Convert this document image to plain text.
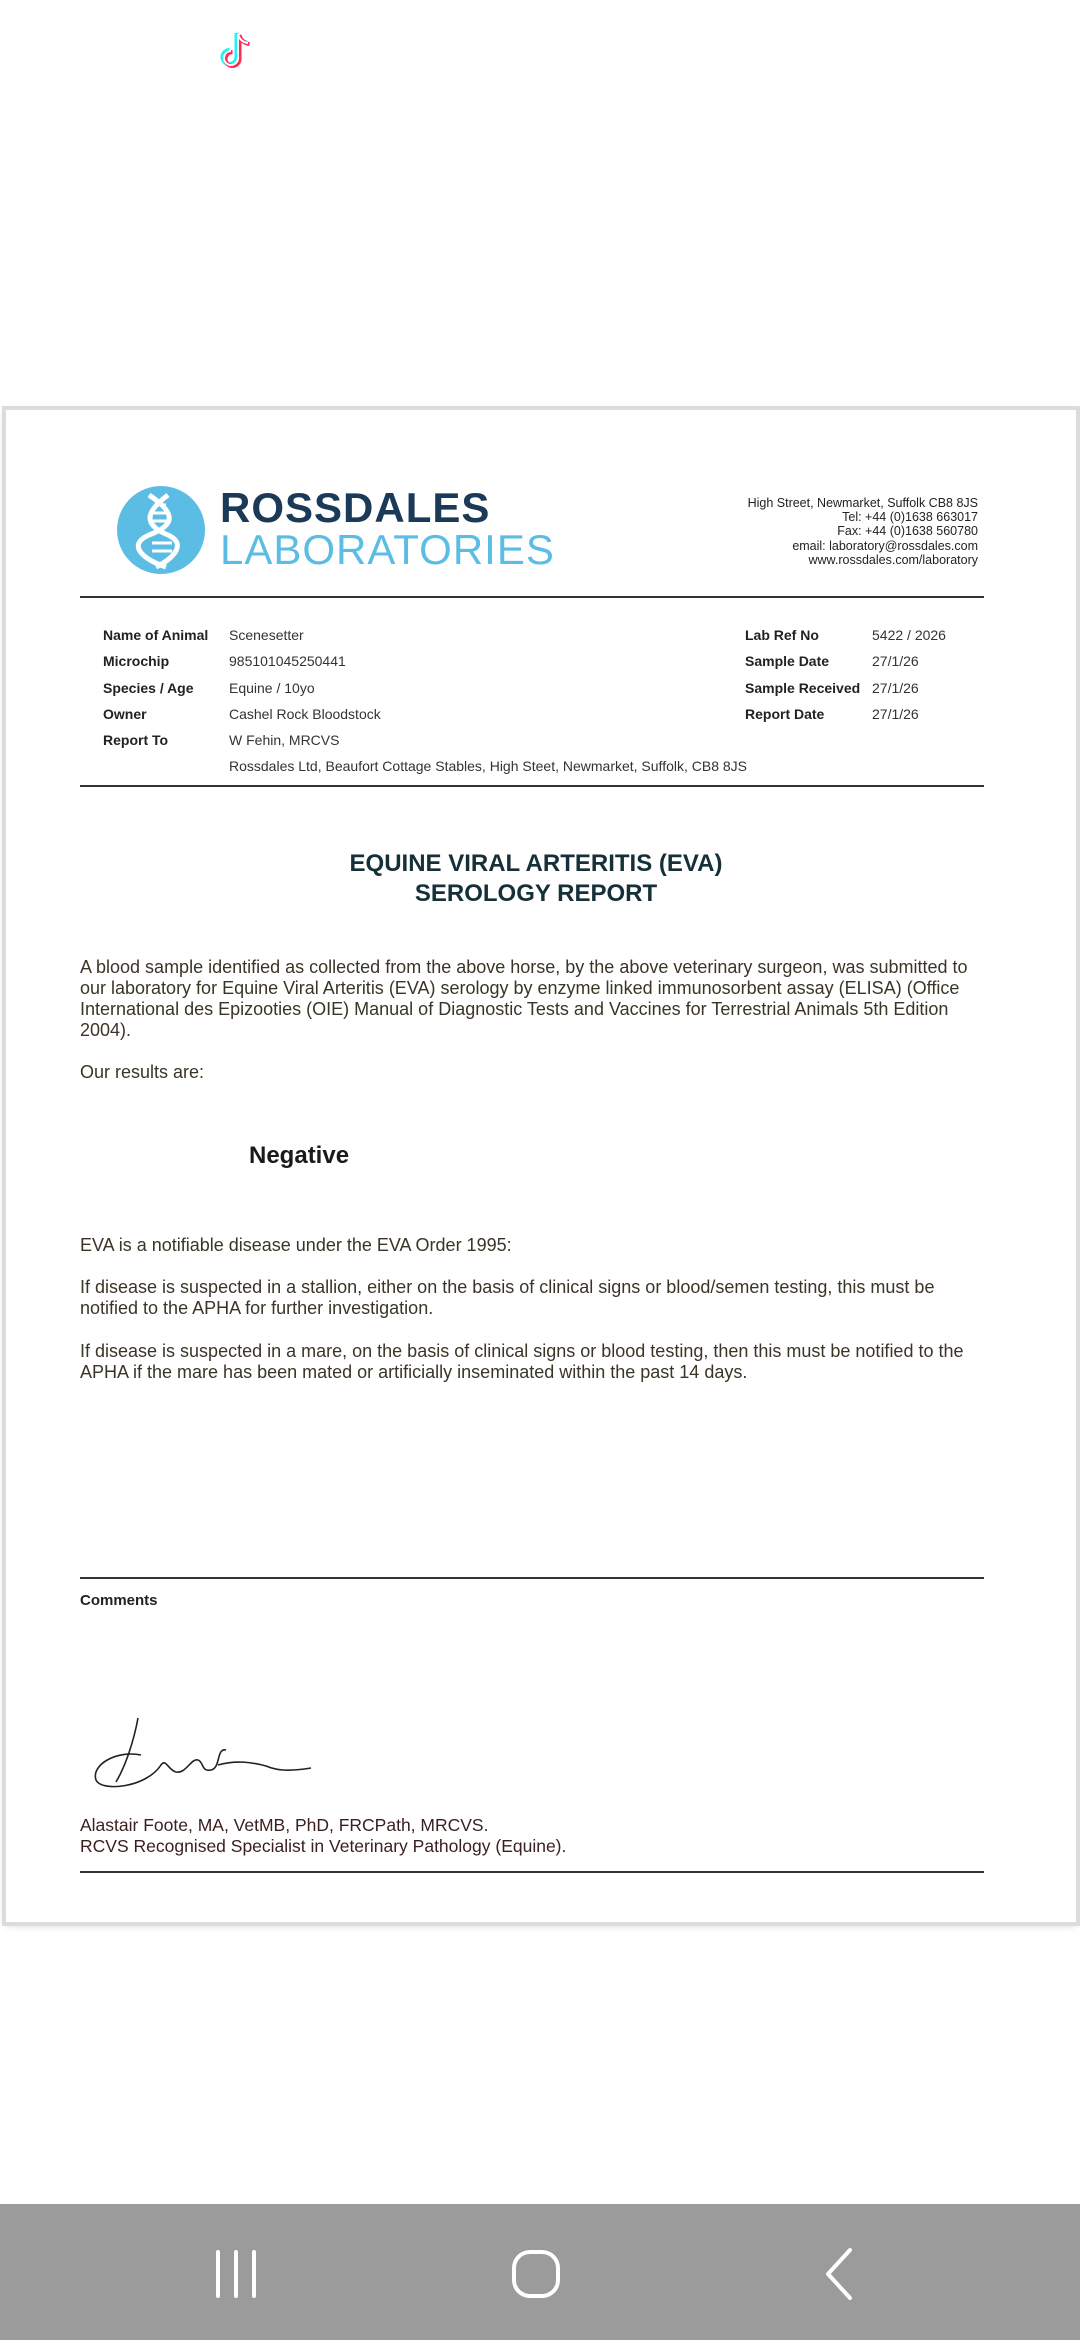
ROSSDALES
LABORATORIES
High Street, Newmarket, Suffolk CB8 8JS
Tel: +44 (0)1638 663017
Fax: +44 (0)1638 560780
email: laboratory@rossdales.com
www.rossdales.com/laboratory
Name of Animal Scenesetter
Microchip	985101045250441
Species / Age	Equine / 10yo
Owner	Cashel Rock Bloodstock
Report To	W Fehin, MRCVS
Rossdales Ltd, Beaufort Cottage Stables, High Steet, Newmarket, Suffolk, CB8 8JS
Lab Ref No	5422 / 2026
Sample Date	27/1/26
Sample Received 27/1/26
Report Date	27/1/26
EQUINE VIRAL ARTERITIS (EVA)
SEROLOGY REPORT
A blood sample identified as collected from the above horse, by the above veterinary surgeon, was submitted to our laboratory for Equine Viral Arteritis (EVA) serology by enzyme linked immunosorbent assay (ELISA) (Office International des Epizooties (OIE) Manual of Diagnostic Tests and Vaccines for Terrestrial Animals 5th Edition 2004).
Our results are:
Negative
EVA is a notifiable disease under the EVA Order 1995:
If disease is suspected in a stallion, either on the basis of clinical signs or blood/semen testing, this must be notified to the APHA for further investigation.
If disease is suspected in a mare, on the basis of clinical signs or blood testing, then this must be notified to the APHA if the mare has been mated or artificially inseminated within the past 14 days.
Comments
Alastair Foote, MA, VetMB, PhD, FRCPath, MRCVS.
RCVS Recognised Specialist in Veterinary Pathology (Equine).
